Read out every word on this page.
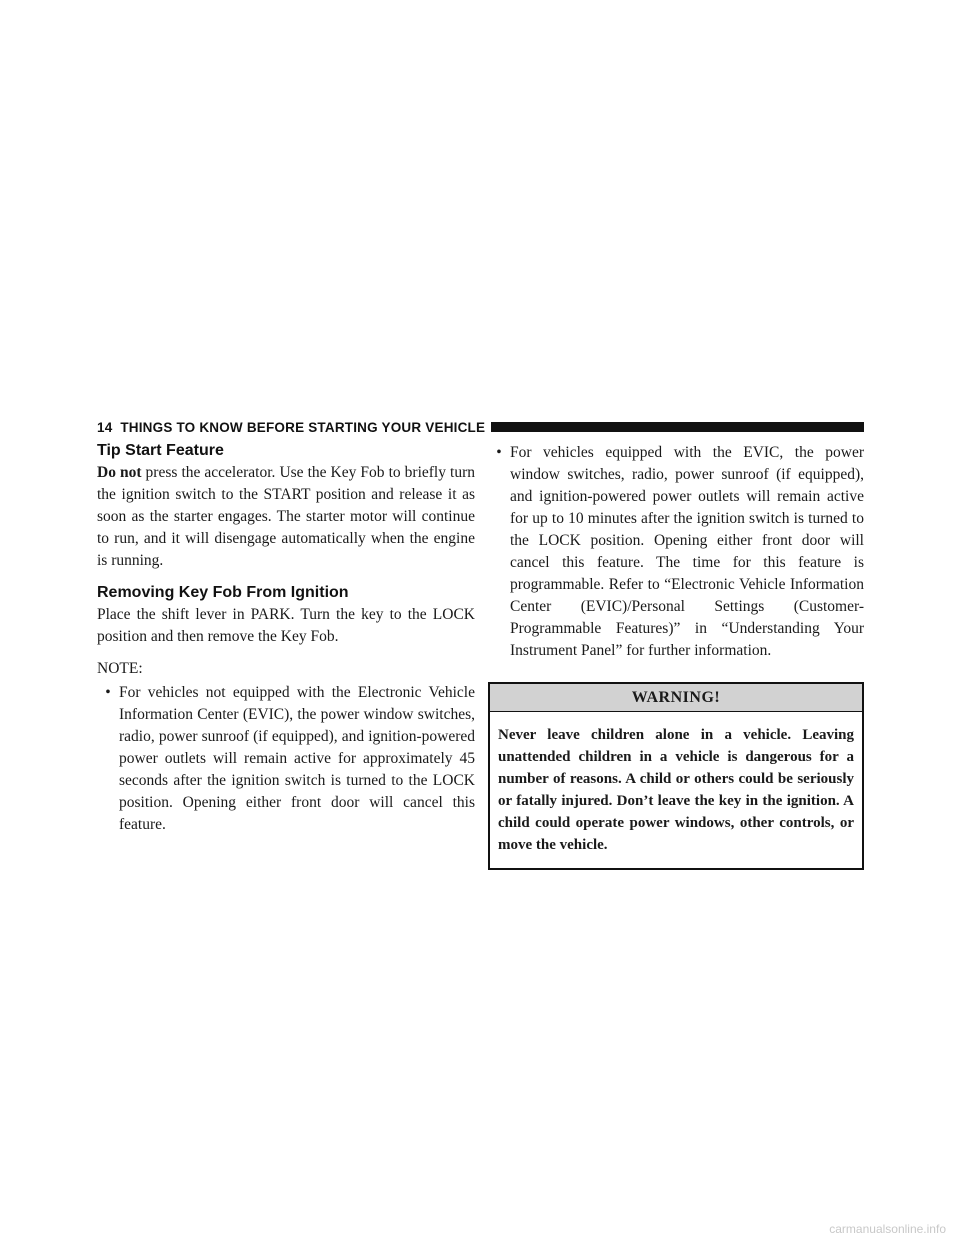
14 THINGS TO KNOW BEFORE STARTING YOUR VEHICLE
Tip Start Feature

Do not press the accelerator. Use the Key Fob to briefly turn the ignition switch to the START position and release it as soon as the starter engages. The starter motor will continue to run, and it will disengage automatically when the engine is running.

Removing Key Fob From Ignition

Place the shift lever in PARK. Turn the key to the LOCK position and then remove the Key Fob.

NOTE:
• For vehicles not equipped with the Electronic Vehicle Information Center (EVIC), the power window switches, radio, power sunroof (if equipped), and ignition-powered power outlets will remain active for approximately 45 seconds after the ignition switch is turned to the LOCK position. Opening either front door will cancel this feature.
• For vehicles equipped with the EVIC, the power window switches, radio, power sunroof (if equipped), and ignition-powered power outlets will remain active for up to 10 minutes after the ignition switch is turned to the LOCK position. Opening either front door will cancel this feature. The time for this feature is programmable. Refer to “Electronic Vehicle Information Center (EVIC)/Personal Settings (Customer-Programmable Features)” in “Understanding Your Instrument Panel” for further information.
WARNING!
Never leave children alone in a vehicle. Leaving unattended children in a vehicle is dangerous for a number of reasons. A child or others could be seriously or fatally injured. Don’t leave the key in the ignition. A child could operate power windows, other controls, or move the vehicle.
carmanualsonline.info
